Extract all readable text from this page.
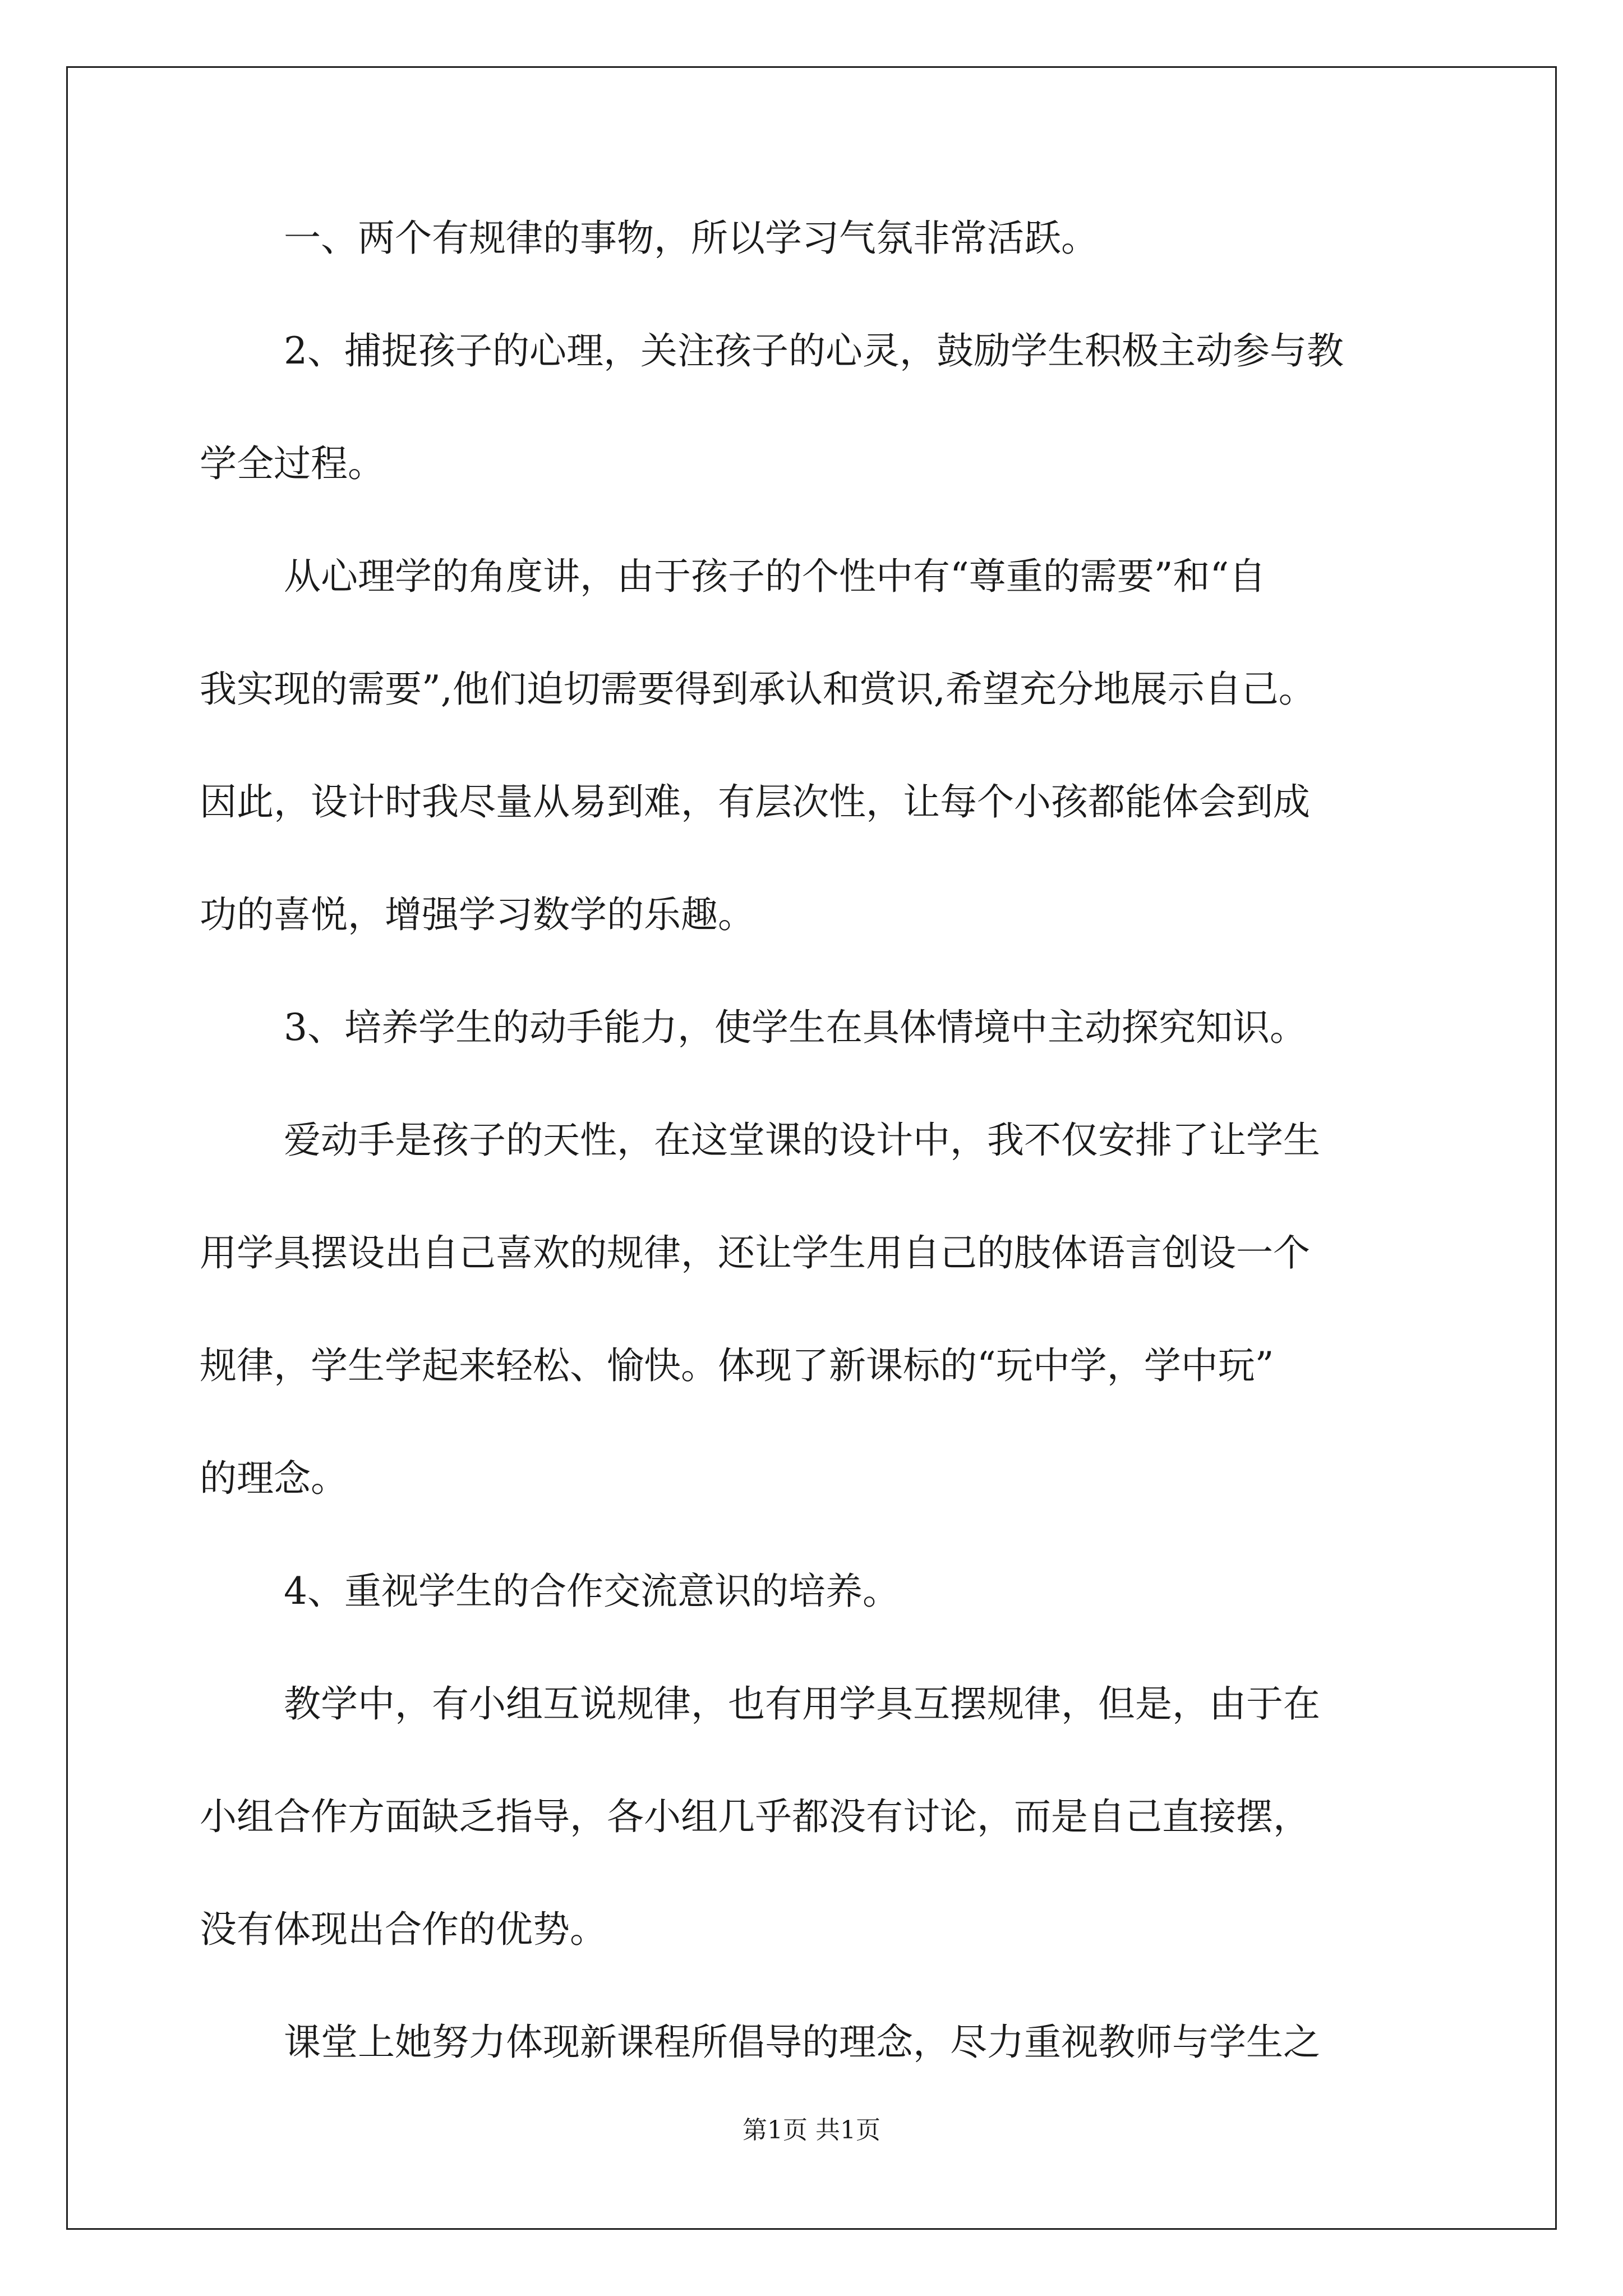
一、两个有规律的事物，所以学习气氛非常活跃。
2、捕捉孩子的心理，关注孩子的心灵，鼓励学生积极主动参与教
学全过程。
从心理学的角度讲，由于孩子的个性中有“尊重的需要”和“自
我实现的需要”,他们迫切需要得到承认和赏识,希望充分地展示自己。
因此，设计时我尽量从易到难，有层次性，让每个小孩都能体会到成
功的喜悦，增强学习数学的乐趣。
3、培养学生的动手能力，使学生在具体情境中主动探究知识。
爱动手是孩子的天性，在这堂课的设计中，我不仅安排了让学生
用学具摆设出自己喜欢的规律，还让学生用自己的肢体语言创设一个
规律，学生学起来轻松、愉快。体现了新课标的“玩中学，学中玩”
的理念。
4、重视学生的合作交流意识的培养。
教学中，有小组互说规律，也有用学具互摆规律，但是，由于在
小组合作方面缺乏指导，各小组几乎都没有讨论，而是自己直接摆，
没有体现出合作的优势。
课堂上她努力体现新课程所倡导的理念，尽力重视教师与学生之
第1页 共1页
